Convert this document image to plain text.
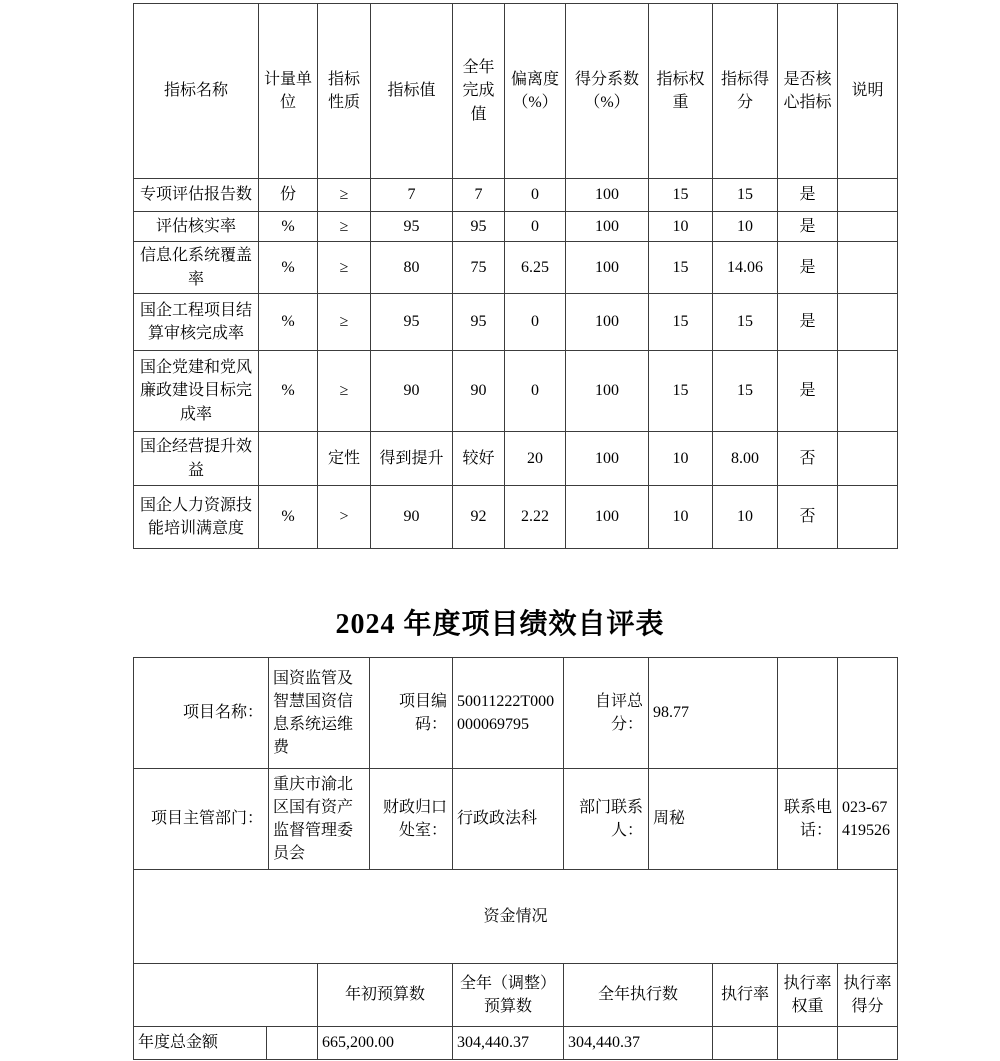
指标名称	计量单位	指标性质	指标值	全年完成值	偏离度（%）	得分系数（%）	指标权重	指标得分	是否核心指标	说明
专项评估报告数	份	≥	7	7	0	100	15	15	是	
评估核实率	%	≥	95	95	0	100	10	10	是	
信息化系统覆盖率	%	≥	80	75	6.25	100	15	14.06	是	
国企工程项目结算审核完成率	%	≥	95	95	0	100	15	15	是	
国企党建和党风廉政建设目标完成率	%	≥	90	90	0	100	15	15	是	
国企经营提升效益		定性	得到提升	较好	20	100	10	8.00	否	
国企人力资源技能培训满意度	%	>	90	92	2.22	100	10	10	否	
2024 年度项目绩效自评表
项目名称：	国资监管及智慧国资信息系统运维费	项目编码：	50011222T000000069795	自评总分：	98.77		
项目主管部门：	重庆市渝北区国有资产监督管理委员会	财政归口处室：	行政政法科	部门联系人：	周秘	联系电话：	023-67419526
资金情况
		年初预算数	全年（调整）预算数	全年执行数	执行率	执行率权重	执行率得分
年度总金额		665,200.00	304,440.37	304,440.37			
